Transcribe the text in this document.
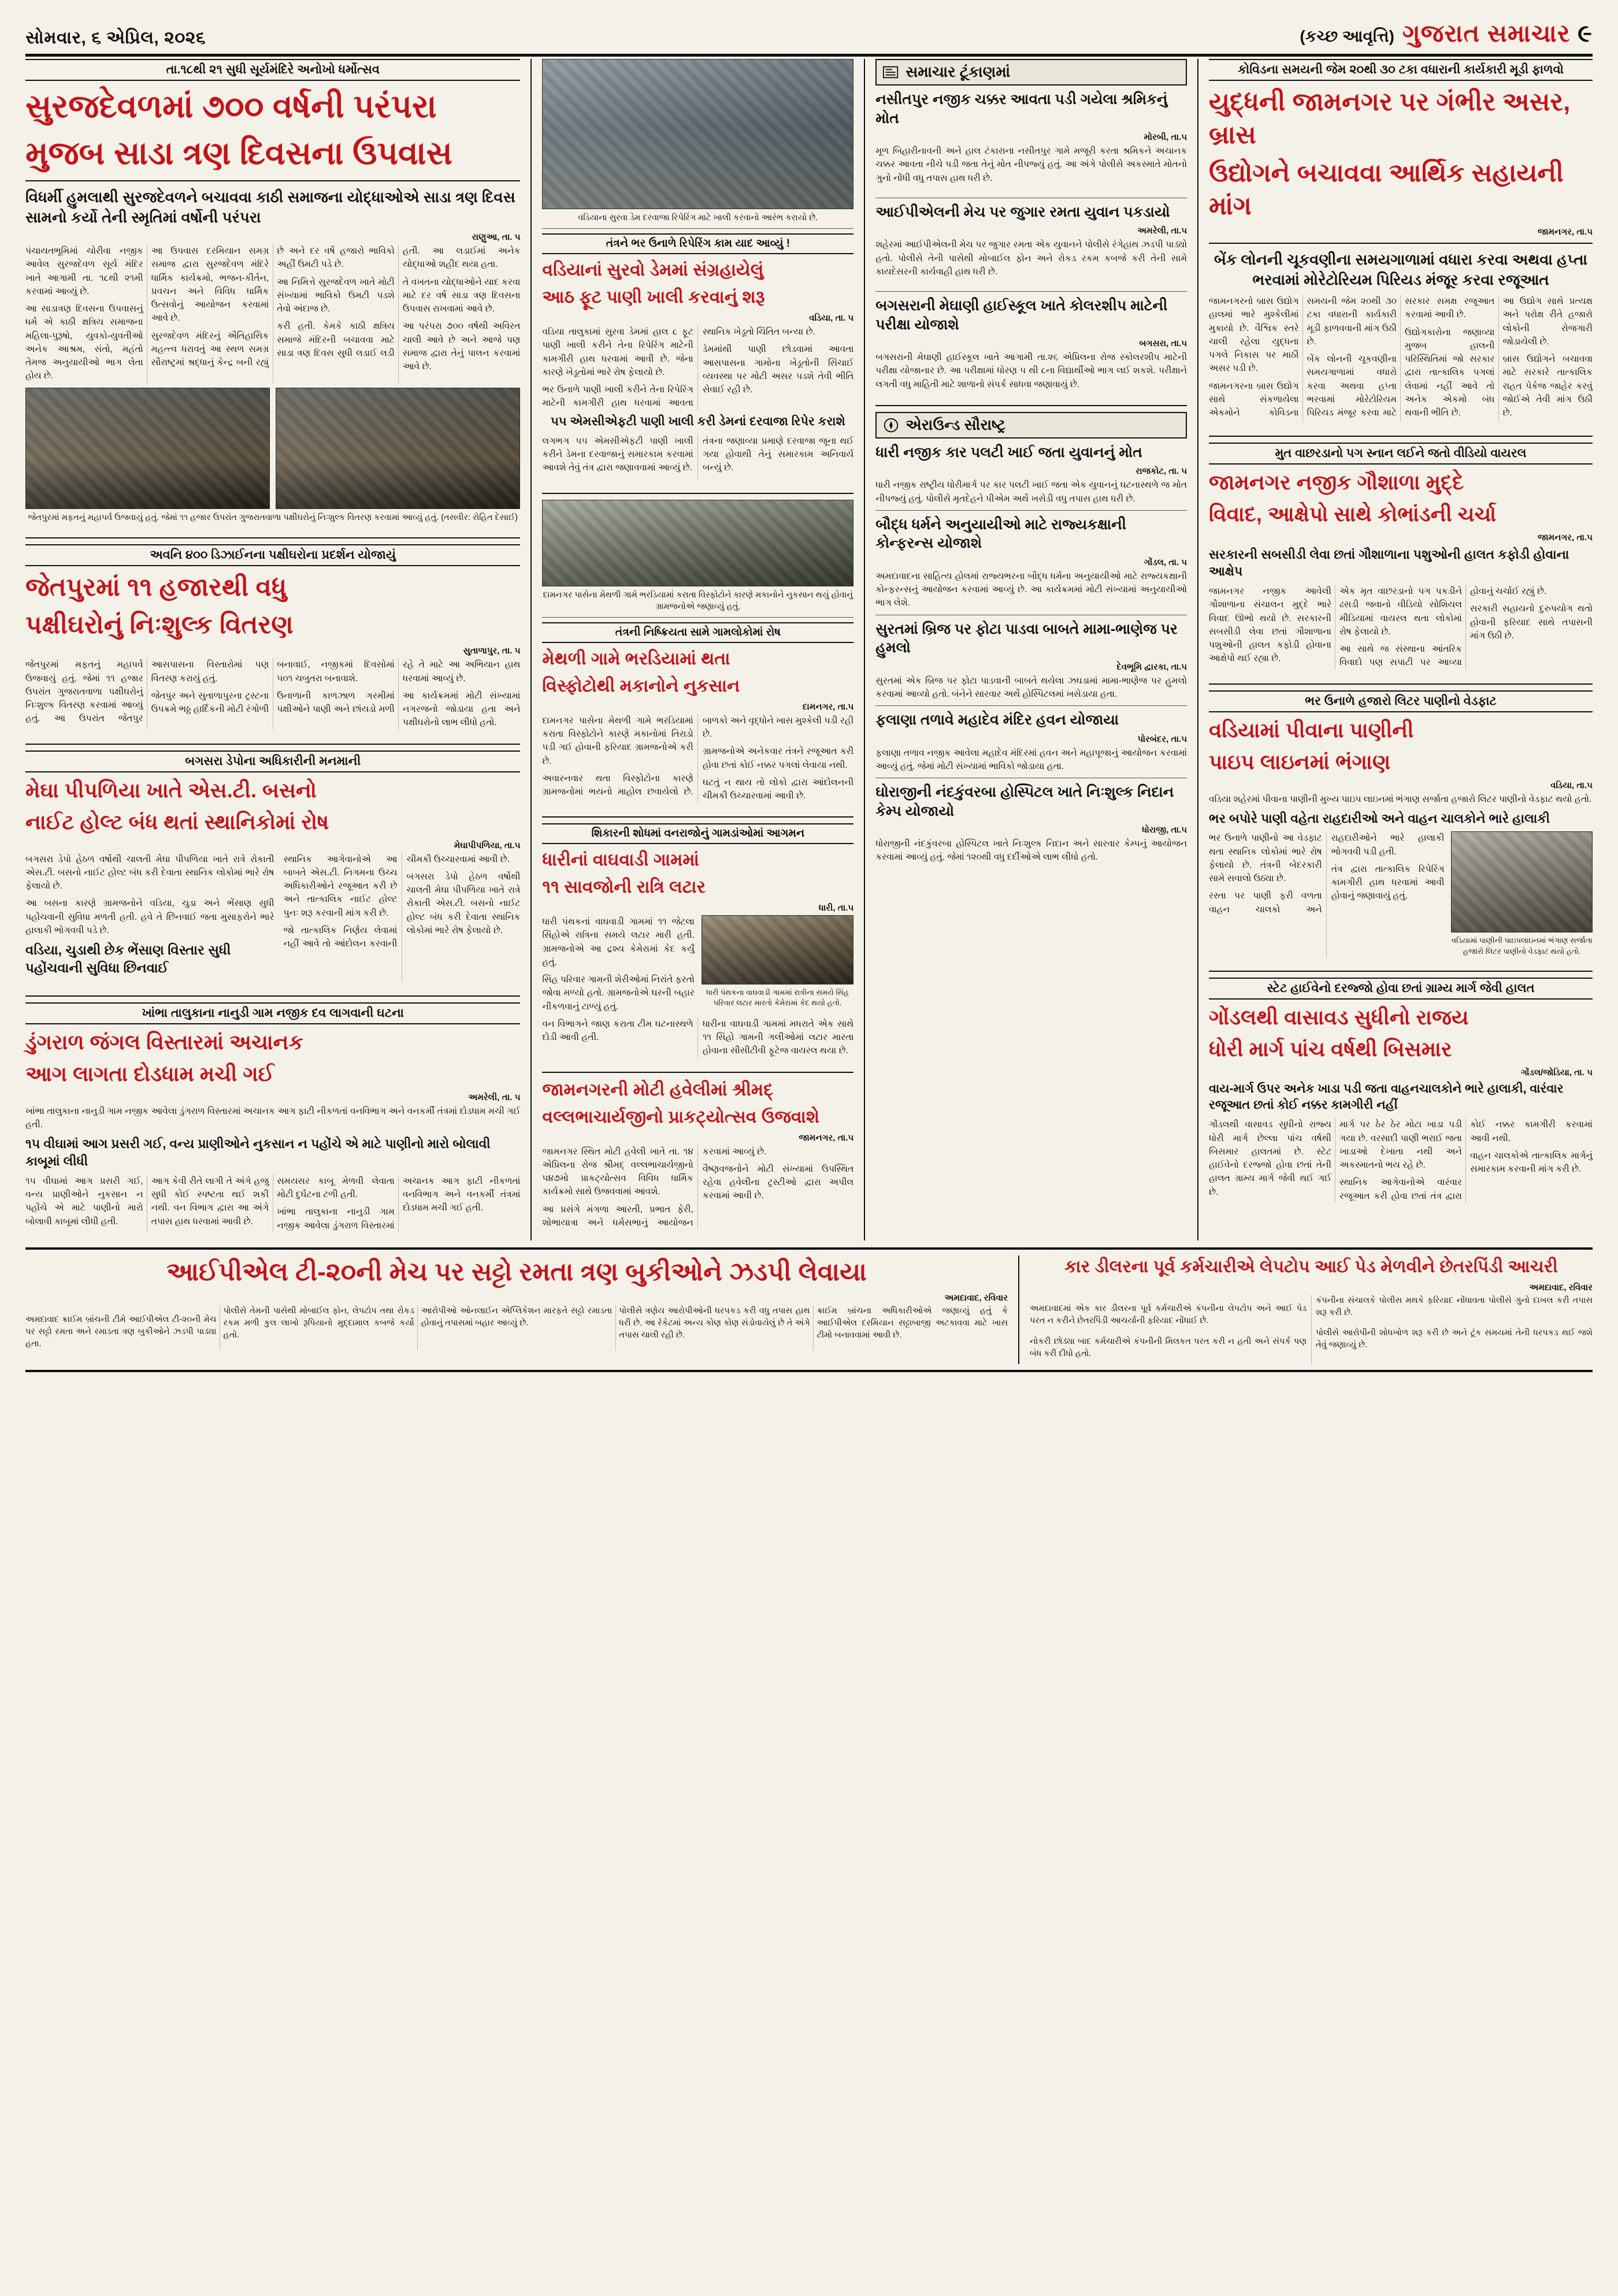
સોમવાર, ૬ એપ્રિલ, ૨૦૨૬	(કચ્છ આવૃત્તિ) ગુજરાત સમાચાર ૯
તા.૧૮થી ૨૧ સુધી સૂર્યમંદિરે અનોખો ધર્મોત્સવ
સુરજદેવળમાં ૭૦૦ વર્ષની પરંપરા
મુજબ સાડા ત્રણ દિવસના ઉપવાસ
વિધર્મી હુમલાથી સુરજદેવળને બચાવવા કાઠી સમાજના યોદ્ધાઓએ સાડા ત્રણ દિવસ સામનો કર્યો તેની સ્મૃતિમાં વર્ષોની પરંપરા
રાણુઆ, તા. ૫

પંચાયતભૂમિમાં ચોરીવા નજીક આવેલ સુરજદેવળ સૂર્ય મંદિર ખાતે આગામી તા. ૧૮થી ૨૧મી કરવામાં આવ્યું છે.

આ સાડાત્રણ દિવસના ઉપવાસનું ધર્મ એ કાઠી ક્ષત્રિય સમાજના મહિલા-પુરૂષો, યુવકો-યુવતીઓ અનેક આશ્રમ, સંતો, મહંતો તેમજ અનુયાયીઓ ભાગ લેતા હોય છે.

આ ઉપવાસ દરમિયાન સમગ્ર સમાજ દ્વારા સુરજદેવળ મંદિરે ધાર્મિક કાર્યક્રમો, ભજન-કીર્તન, પ્રવચન અને વિવિધ ધાર્મિક ઉત્સવોનું આયોજન કરવામાં આવે છે.

સુરજદેવળ મંદિરનું ઐતિહાસિક મહત્ત્વ ધરાવતું આ સ્થળ સમગ્ર સૌરાષ્ટ્રમાં શ્રદ્ધાનું કેન્દ્ર બની રહ્યું છે અને દર વર્ષે હજારો ભાવિકો અહીં ઉમટી પડે છે.

આ નિમિત્તે સુરજદેવળ ખાતે મોટી સંખ્યામાં ભાવિકો ઉમટી પડશે તેવો અંદાજ છે.

કરી હતી. કેમકે કાઠી ક્ષત્રિય સમાજે મંદિરની બચાવવા માટે સાડા ત્રણ દિવસ સુધી લડાઈ લડી હતી. આ લડાઈમાં અનેક યોદ્ધાઓ શહીદ થયા હતા.

તે વખતના યોદ્ધાઓને યાદ કરવા માટે દર વર્ષે સાડા ત્રણ દિવસના ઉપવાસ રાખવામાં આવે છે.

આ પરંપરા ૭૦૦ વર્ષથી અવિરત ચાલી આવે છે અને આજે પણ સમાજ દ્વારા તેનું પાલન કરવામાં આવે છે.

જેતપુરમાં મફતનું મહાપર્વ ઉજવાયું હતું. જેમાં ૧૧ હજાર ઉપરાંત ગુજરાતવાળા પક્ષીઘરોનું નિઃશુલ્ક વિતરણ કરવામાં આવ્યું હતું. (તસવીર: રોહિત દેસાઈ)
અવનિ ૪૦૦ ડિઝાઈનના પક્ષીઘરોના પ્રદર્શન યોજાયું
જેતપુરમાં ૧૧ હજારથી વધુ
પક્ષીઘરોનું નિઃશુલ્ક વિતરણ
સુતાળાપુર, તા. ૫

જેતપુરમાં મફતનું મહાપર્વ ઉજવાયું હતું. જેમાં ૧૧ હજાર ઉપરાંત ગુજરાતવાળા પક્ષીઘરોનું નિઃશુલ્ક વિતરણ કરવામાં આવ્યું હતું. આ ઉપરાંત જેતપુર આસપાસના વિસ્તારોમાં પણ વિતરણ કરાયું હતું.

જેતપુર અને સુતાળાપુરના ટ્રસ્ટના ઉપક્રમે ભઠ્ઠ હાર્દિકની મોટી રંગોળી બનાવાઈ, નજીકમાં દિવસોમાં ૫૦૧ ચબુતરા બનાવાશે.

ઉનાળાની કાળઝાળ ગરમીમાં પક્ષીઓને પાણી અને છાંયડો મળી રહે તે માટે આ અભિયાન હાથ ધરવામાં આવ્યું છે.

આ કાર્યક્રમમાં મોટી સંખ્યામાં નગરજનો જોડાયા હતા અને પક્ષીઘરોનો લાભ લીધો હતો.

બગસરા ડેપોના અધિકારીની મનમાની
મેઘા પીપળિયા ખાતે એસ.ટી. બસનો
નાઈટ હોલ્ટ બંધ થતાં સ્થાનિકોમાં રોષ
મેઘાપીપળિયા, તા.૫

બગસરા ડેપો હેઠળ વર્ષોથી ચાલતી મેઘા પીપળિયા ખાતે રાત્રે રોકાતી એસ.ટી. બસનો નાઈટ હોલ્ટ બંધ કરી દેવાતા સ્થાનિક લોકોમાં ભારે રોષ ફેલાયો છે.

આ બસના કારણે ગ્રામજનોને વડિયા, ચુડા અને ભેંસાણ સુધી પહોંચવાની સુવિધા મળતી હતી. હવે તે છિનવાઈ જતા મુસાફરોને ભારે હાલાકી ભોગવવી પડે છે.

વડિયા, ચુડાથી છેક ભેંસાણ વિસ્તાર સુધી પહોંચવાની સુવિધા છિનવાઈ

સ્થાનિક આગેવાનોએ આ બાબતે એસ.ટી. નિગમના ઉચ્ચ અધિકારીઓને રજૂઆત કરી છે અને તાત્કાલિક નાઈટ હોલ્ટ પુનઃ શરૂ કરવાની માંગ કરી છે.

જો તાત્કાલિક નિર્ણય લેવામાં નહીં આવે તો આંદોલન કરવાની ચીમકી ઉચ્ચારવામાં આવી છે.

બગસરા ડેપો હેઠળ વર્ષોથી ચાલતી મેઘા પીપળિયા ખાતે રાત્રે રોકાતી એસ.ટી. બસનો નાઈટ હોલ્ટ બંધ કરી દેવાતા સ્થાનિક લોકોમાં ભારે રોષ ફેલાયો છે.

ખાંભા તાલુકાના નાનુડી ગામ નજીક દવ લાગવાની ઘટના
ડુંગરાળ જંગલ વિસ્તારમાં અચાનક
આગ લાગતા દોડધામ મચી ગઈ
અમરેલી, તા. ૫

ખાંભા તાલુકાના નાનુડી ગામ નજીક આવેલા ડુંગરાળ વિસ્તારમાં અચાનક આગ ફાટી નીકળતાં વનવિભાગ અને વનકર્મી તંત્રમાં દોડધામ મચી ગઈ હતી.

૧૫ વીઘામાં આગ પ્રસરી ગઈ, વન્ય પ્રાણીઓને નુકસાન ન પહોંચે એ માટે પાણીનો મારો બોલાવી કાબૂમાં લીધી

૧૫ વીઘામાં આગ પ્રસરી ગઈ, વન્ય પ્રાણીઓને નુકસાન ન પહોંચે એ માટે પાણીનો મારો બોલાવી કાબૂમાં લીધી હતી.

આગ કેવી રીતે લાગી તે અંગે હજુ સુધી કોઈ સ્પષ્ટતા થઈ શકી નથી. વન વિભાગ દ્વારા આ અંગે તપાસ હાથ ધરવામાં આવી છે.

સમયસર કાબૂ મેળવી લેવાતા મોટી દુર્ઘટના ટળી હતી.

ખાંભા તાલુકાના નાનુડી ગામ નજીક આવેલા ડુંગરાળ વિસ્તારમાં અચાનક આગ ફાટી નીકળતાં વનવિભાગ અને વનકર્મી તંત્રમાં દોડધામ મચી ગઈ હતી.

વડિયાના સુરવા ડેમ દરવાજા રિપેરિંગ માટે ખાલી કરવાનો આરંભ કરાયો છે.
તંત્રને ભર ઉનાળે રિપેરિંગ કામ યાદ આવ્યું !
વડિયાનાં સુરવો ડેમમાં સંગ્રહાયેલું
આઠ ફૂટ પાણી ખાલી કરવાનું શરૂ
વડિયા, તા. ૫

વડિયા તાલુકામાં સુરવા ડેમમાં હાલ ૮ ફૂટ પાણી ખાલી કરીને તેના રિપેરિંગ માટેની કામગીરી હાથ ધરવામાં આવી છે. જેના કારણે ખેડૂતોમાં ભારે રોષ ફેલાયો છે.

ભર ઉનાળે પાણી ખાલી કરીને તેના રિપેરિંગ માટેની કામગીરી હાથ ધરવામાં આવતા સ્થાનિક ખેડૂતો ચિંતિત બન્યા છે.

ડેમમાંથી પાણી છોડવામાં આવતા આસપાસના ગામોના ખેડૂતોની સિંચાઈ વ્યવસ્થા પર મોટી અસર પડશે તેવી ભીતિ સેવાઈ રહી છે.

૫૫ એમસીએફટી પાણી ખાલી કરી ડેમનાં દરવાજા રિપેર કરાશે

લગભગ ૫૫ એમસીએફટી પાણી ખાલી કરીને ડેમના દરવાજાનું સમારકામ કરવામાં આવશે તેવું તંત્ર દ્વારા જણાવવામાં આવ્યું છે.

તંત્રના જણાવ્યા પ્રમાણે દરવાજા જૂના થઈ ગયા હોવાથી તેનું સમારકામ અનિવાર્ય બન્યું છે.

દામનગર પાસેના મેથળી ગામે ભરડિયામાં કરાતા વિસ્ફોટોને કારણે મકાનોને નુકસાન થયું હોવાનું ગ્રામજનોએ જણાવ્યું હતું.
તંત્રની નિષ્ક્રિયતા સામે ગામલોકોમાં રોષ
મેથળી ગામે ભરડિયામાં થતા
વિસ્ફોટોથી મકાનોને નુકસાન
દામનગર, તા.૫

દામનગર પાસેના મેથળી ગામે ભરડિયામાં કરાતા વિસ્ફોટોને કારણે મકાનોમાં તિરાડો પડી ગઈ હોવાની ફરિયાદ ગ્રામજનોએ કરી છે.

અવારનવાર થતા વિસ્ફોટોના કારણે ગ્રામજનોમાં ભયનો માહોલ છવાયેલો છે. બાળકો અને વૃદ્ધોને ખાસ મુશ્કેલી પડી રહી છે.

ગ્રામજનોએ અનેકવાર તંત્રને રજૂઆત કરી હોવા છતાં કોઈ નક્કર પગલાં લેવાયા નથી.

ઘટતું ન થાય તો લોકો દ્વારા આંદોલનની ચીમકી ઉચ્ચારવામાં આવી છે.

શિકારની શોધમાં વનરાજોનું ગામડાંઓમાં આગમન
ધારીનાં વાઘવાડી ગામમાં
૧૧ સાવજોની રાત્રિ લટાર
ધારી, તા.૫

ધારી પંથકનાં વાઘવાડી ગામમાં ૧૧ જેટલા સિંહોએ રાત્રિના સમયે લટાર મારી હતી. ગ્રામજનોએ આ દ્રશ્ય કેમેરામાં કેદ કર્યું હતું.

સિંહ પરિવાર ગામની શેરીઓમાં નિરાંતે ફરતો જોવા મળ્યો હતો. ગ્રામજનોએ ઘરની બહાર નીકળવાનું ટાળ્યું હતું.

ધારી પંથકના વાઘવાડી ગામમાં રાત્રીના સમયે સિંહ પરિવાર લટાર મારતો કેમેરામાં કેદ થયો હતો.

વન વિભાગને જાણ કરાતા ટીમ ઘટનાસ્થળે દોડી આવી હતી.

ધારીના વાઘવાડી ગામમાં મધરાતે એક સાથે ૧૧ સિંહો ગામની ગલીઓમાં લટાર મારતા હોવાના સીસીટીવી ફૂટેજ વાયરલ થયા છે.

જામનગરની મોટી હવેલીમાં શ્રીમદ્
વલ્લભાચાર્યજીનો પ્રાકટ્યોત્સવ ઉજવાશે
જામનગર, તા.૫

જામનગર સ્થિત મોટી હવેલી ખાતે તા. ૧૪ એપ્રિલના રોજ શ્રીમદ્ વલ્લભાચાર્યજીનો ૫૪૭મો પ્રાકટ્યોત્સવ વિવિધ ધાર્મિક કાર્યક્રમો સાથે ઉજવવામાં આવશે.

આ પ્રસંગે મંગળા આરતી, પ્રભાત ફેરી, શોભાયાત્રા અને ધર્મસભાનું આયોજન કરવામાં આવ્યું છે.

વૈષ્ણવજનોને મોટી સંખ્યામાં ઉપસ્થિત રહેવા હવેલીના ટ્રસ્ટીઓ દ્વારા અપીલ કરવામાં આવી છે.

સમાચાર ટૂંકાણમાં
નસીતપુર નજીક ચક્કર આવતા પડી ગયેલા શ્રમિકનું મોત
મોરબી, તા.૫
મૂળ બિહારીનાવની અને હાલ ટંકારાના નસીતપુર ગામે મજૂરી કરતા શ્રમિકને અચાનક ચક્કર આવતા નીચે પડી જતા તેનું મોત નીપજ્યું હતું. આ અંગે પોલીસે અકસ્માતે મોતનો ગુનો નોંધી વધુ તપાસ હાથ ધરી છે.
આઈપીએલની મેચ પર જુગાર રમતા યુવાન પકડાયો
અમરેલી, તા.૫
શહેરમાં આઈપીએલની મેચ પર જુગાર રમતા એક યુવાનને પોલીસે રંગેહાથ ઝડપી પાડ્યો હતો. પોલીસે તેની પાસેથી મોબાઈલ ફોન અને રોકડ રકમ કબજે કરી તેની સામે કાયદેસરની કાર્યવાહી હાથ ધરી છે.
બગસરાની મેઘાણી હાઈસ્કૂલ ખાતે કોલરશીપ માટેની પરીક્ષા યોજાશે
બગસરા, તા.૫
બગસરાની મેઘાણી હાઈસ્કૂલ ખાતે આગામી તા.૨૬ એપ્રિલના રોજ સ્કોલરશીપ માટેની પરીક્ષા યોજાનાર છે. આ પરીક્ષામાં ધોરણ ૫ થી ૮ના વિદ્યાર્થીઓ ભાગ લઈ શકશે. પરીક્ષાને લગતી વધુ માહિતી માટે શાળાનો સંપર્ક સાધવા જણાવાયું છે.
એરાઉન્ડ સૌરાષ્ટ્ર
ધારી નજીક કાર પલટી ખાઈ જતા યુવાનનું મોત
રાજકોટ, તા. ૫
ધારી નજીક રાષ્ટ્રીય ધોરીમાર્ગ પર કાર પલટી ખાઈ જતા એક યુવાનનું ઘટનાસ્થળે જ મોત નીપજ્યું હતું. પોલીસે મૃતદેહને પીએમ અર્થે ખસેડી વધુ તપાસ હાથ ધરી છે.
બૌદ્ધ ધર્મને અનુયાયીઓ માટે રાજ્યકક્ષાની કોન્ફરન્સ યોજાશે
ગોંડલ, તા. ૫
અમદાવાદના સાહિત્ય હોલમાં રાજ્યભરના બૌદ્ધ ધર્મના અનુયાયીઓ માટે રાજ્યકક્ષાની કોન્ફરન્સનું આયોજન કરવામાં આવ્યું છે. આ કાર્યક્રમમાં મોટી સંખ્યામાં અનુયાયીઓ ભાગ લેશે.
સુરતમાં બ્રિજ પર ફોટા પાડવા બાબતે મામા-ભાણેજ પર હુમલો
દેવભૂમિ દ્વારકા, તા.૫
સુરતમાં એક બ્રિજ પર ફોટા પાડવાની બાબતે થયેલા ઝઘડામાં મામા-ભાણેજ પર હુમલો કરવામાં આવ્યો હતો. બંનેને સારવાર અર્થે હોસ્પિટલમાં ખસેડાયા હતા.
ફલાણા તળાવે મહાદેવ મંદિર હવન યોજાયા
પોરબંદર, તા.૫
ફલાણા તળાવ નજીક આવેલા મહાદેવ મંદિરમાં હવન અને મહાપૂજાનું આયોજન કરવામાં આવ્યું હતું. જેમાં મોટી સંખ્યામાં ભાવિકો જોડાયા હતા.
ઘોરાજીની નંદકુંવરબા હોસ્પિટલ ખાતે નિઃશુલ્ક નિદાન કેમ્પ યોજાયો
ધોરાજી, તા.૫
ધોરાજીની નંદકુંવરબા હોસ્પિટલ ખાતે નિઃશુલ્ક નિદાન અને સારવાર કેમ્પનું આયોજન કરવામાં આવ્યું હતું. જેમાં ૧૨૦થી વધુ દર્દીઓએ લાભ લીધો હતો.
કોવિડના સમયની જેમ ૨૦થી ૩૦ ટકા વધારાની કાર્યકારી મૂડી ફાળવો
યુદ્ધની જામનગર પર ગંભીર અસર, બ્રાસ
ઉદ્યોગને બચાવવા આર્થિક સહાયની માંગ
જામનગર, તા.૫
બેંક લોનની ચૂકવણીના સમયગાળામાં વધારા કરવા અથવા હપ્તા ભરવામાં મોરેટોરિયમ પિરિયડ મંજૂર કરવા રજૂઆત

જામનગરનો બ્રાસ ઉદ્યોગ હાલમાં ભારે મુશ્કેલીમાં મુકાયો છે. વૈશ્વિક સ્તરે ચાલી રહેલા યુદ્ધના પગલે નિકાસ પર માઠી અસર પડી છે.

જામનગરના બ્રાસ ઉદ્યોગ સાથે સંકળાયેલા એકમોને કોવિડના સમયની જેમ ૨૦થી ૩૦ ટકા વધારાની કાર્યકારી મૂડી ફાળવવાની માંગ ઉઠી છે.

બેંક લોનની ચૂકવણીના સમયગાળામાં વધારો કરવા અથવા હપ્તા ભરવામાં મોરેટોરિયમ પિરિયડ મંજૂર કરવા માટે સરકાર સમક્ષ રજૂઆત કરવામાં આવી છે.

ઉદ્યોગકારોના જણાવ્યા મુજબ હાલની પરિસ્થિતિમાં જો સરકાર દ્વારા તાત્કાલિક પગલાં લેવામાં નહીં આવે તો અનેક એકમો બંધ થવાની ભીતિ છે.

આ ઉદ્યોગ સાથે પ્રત્યક્ષ અને પરોક્ષ રીતે હજારો લોકોની રોજગારી જોડાયેલી છે.

બ્રાસ ઉદ્યોગને બચાવવા માટે સરકારે તાત્કાલિક રાહત પેકેજ જાહેર કરવું જોઈએ તેવી માંગ ઉઠી છે.

મુત વાછરડાનો પગ સ્નાન લઈને જતો વીડિયો વાયરલ
જામનગર નજીક ગૌશાળા મુદ્દે
વિવાદ, આક્ષેપો સાથે કોભાંડની ચર્ચા
જામનગર, તા.૫
સરકારની સબસીડી લેવા છતાં ગૌશાળાના પશુઓની હાલત કફોડી હોવાના આક્ષેપ

જામનગર નજીક આવેલી ગૌશાળાના સંચાલન મુદ્દે ભારે વિવાદ ઊભો થયો છે. સરકારની સબસીડી લેવા છતાં ગૌશાળાના પશુઓની હાલત કફોડી હોવાના આક્ષેપો થઈ રહ્યા છે.

એક મૃત વાછરડાનો પગ પકડીને ઢસડી જવાનો વીડિયો સોશિયલ મીડિયામાં વાયરલ થતા લોકોમાં રોષ ફેલાયો છે.

આ સાથે જ સંસ્થાના આંતરિક વિવાદો પણ સપાટી પર આવ્યા હોવાનું ચર્ચાઈ રહ્યું છે.

સરકારી સહાયનો દુરુપયોગ થતો હોવાની ફરિયાદ સાથે તપાસની માંગ ઉઠી છે.

ભર ઉનાળે હજારો લિટર પાણીનો વેડફાટ
વડિયામાં પીવાના પાણીની
પાઇપ લાઇનમાં ભંગાણ
વડિયા, તા.૫

વડિયા શહેરમાં પીવાના પાણીની મુખ્ય પાઇપ લાઇનમાં ભંગાણ સર્જાતા હજારો લિટર પાણીનો વેડફાટ થયો હતો.

ભર બપોરે પાણી વહેતા રાહદારીઓ અને વાહન ચાલકોને ભારે હાલાકી

ભર ઉનાળે પાણીનો આ વેડફાટ થતા સ્થાનિક લોકોમાં ભારે રોષ ફેલાયો છે. તંત્રની બેદરકારી સામે સવાલો ઉઠ્યા છે.

રસ્તા પર પાણી ફરી વળતા વાહન ચાલકો અને રાહદારીઓને ભારે હાલાકી ભોગવવી પડી હતી.

તંત્ર દ્વારા તાત્કાલિક રિપેરિંગ કામગીરી હાથ ધરવામાં આવી હોવાનું જણાવાયું હતું.

વડિયામાં પાણીની પાઇપલાઇનમાં ભંગાણ સર્જાતા હજારો લિટર પાણીનો વેડફાટ થયો હતો.
સ્ટેટ હાઈવેનો દરજ્જો હોવા છતાં ગ્રામ્ય માર્ગ જેવી હાલત
ગોંડલથી વાસાવડ સુધીનો રાજય
ધોરી માર્ગ પાંચ વર્ષથી બિસમાર
ગોંડલ/જોડિયા, તા. ૫
વાય-માર્ગ ઉપર અનેક ખાડા પડી જતા વાહનચાલકોને ભારે હાલાકી, વારંવાર રજૂઆત છતાં કોઈ નક્કર કામગીરી નહીં

ગોંડલથી વાસાવડ સુધીનો રાજ્ય ધોરી માર્ગ છેલ્લા પાંચ વર્ષથી બિસમાર હાલતમાં છે. સ્ટેટ હાઈવેનો દરજ્જો હોવા છતાં તેની હાલત ગ્રામ્ય માર્ગ જેવી થઈ ગઈ છે.

માર્ગ પર ઠેર ઠેર મોટા ખાડા પડી ગયા છે. વરસાદી પાણી ભરાઈ જતા ખાડાઓ દેખાતા નથી અને અકસ્માતનો ભય રહે છે.

સ્થાનિક આગેવાનોએ વારંવાર રજૂઆત કરી હોવા છતાં તંત્ર દ્વારા કોઈ નક્કર કામગીરી કરવામાં આવી નથી.

વાહન ચાલકોએ તાત્કાલિક માર્ગનું સમારકામ કરવાની માંગ કરી છે.

આઈપીએલ ટી-૨૦ની મેચ પર સટ્ટો રમતા ત્રણ બુકીઓને ઝડપી લેવાયા
અમદાવાદ, રવિવાર

અમદાવાદ ક્રાઈમ બ્રાંચની ટીમે આઈપીએલ ટી-૨૦ની મેચ પર સટ્ટો રમતા અને રમાડતા ત્રણ બુકીઓને ઝડપી પાડ્યા હતા.

પોલીસે તેમની પાસેથી મોબાઈલ ફોન, લેપટોપ તથા રોકડ રકમ મળી કુલ લાખો રૂપિયાનો મુદ્દામાલ કબજે કર્યો હતો.

આરોપીઓ ઓનલાઈન એપ્લિકેશન મારફતે સટ્ટો રમાડતા હોવાનું તપાસમાં બહાર આવ્યું છે.

પોલીસે ત્રણેય આરોપીઓની ધરપકડ કરી વધુ તપાસ હાથ ધરી છે. આ રેકેટમાં અન્ય કોણ કોણ સંડોવાયેલું છે તે અંગે તપાસ ચાલી રહી છે.

ક્રાઈમ બ્રાંચના અધિકારીઓએ જણાવ્યું હતું કે આઈપીએલ દરમિયાન સટ્ટાબાજી અટકાવવા માટે ખાસ ટીમો બનાવવામાં આવી છે.

કાર ડીલરના પૂર્વ કર્મચારીએ લેપટોપ આઈ પેડ મેળવીને છેતરપિંડી આચરી
અમદાવાદ, રવિવાર

અમદાવાદમાં એક કાર ડીલરના પૂર્વ કર્મચારીએ કંપનીના લેપટોપ અને આઈ પેડ પરત ન કરીને છેતરપિંડી આચર્યાની ફરિયાદ નોંધાઈ છે.

નોકરી છોડ્યા બાદ કર્મચારીએ કંપનીની મિલકત પરત કરી ન હતી અને સંપર્ક પણ બંધ કરી દીધો હતો.

કંપનીના સંચાલકે પોલીસ મથકે ફરિયાદ નોંધાવતા પોલીસે ગુનો દાખલ કરી તપાસ શરૂ કરી છે.

પોલીસે આરોપીની શોધખોળ શરૂ કરી છે અને ટૂંક સમયમાં તેની ધરપકડ થઈ જશે તેવું જણાવ્યું છે.
